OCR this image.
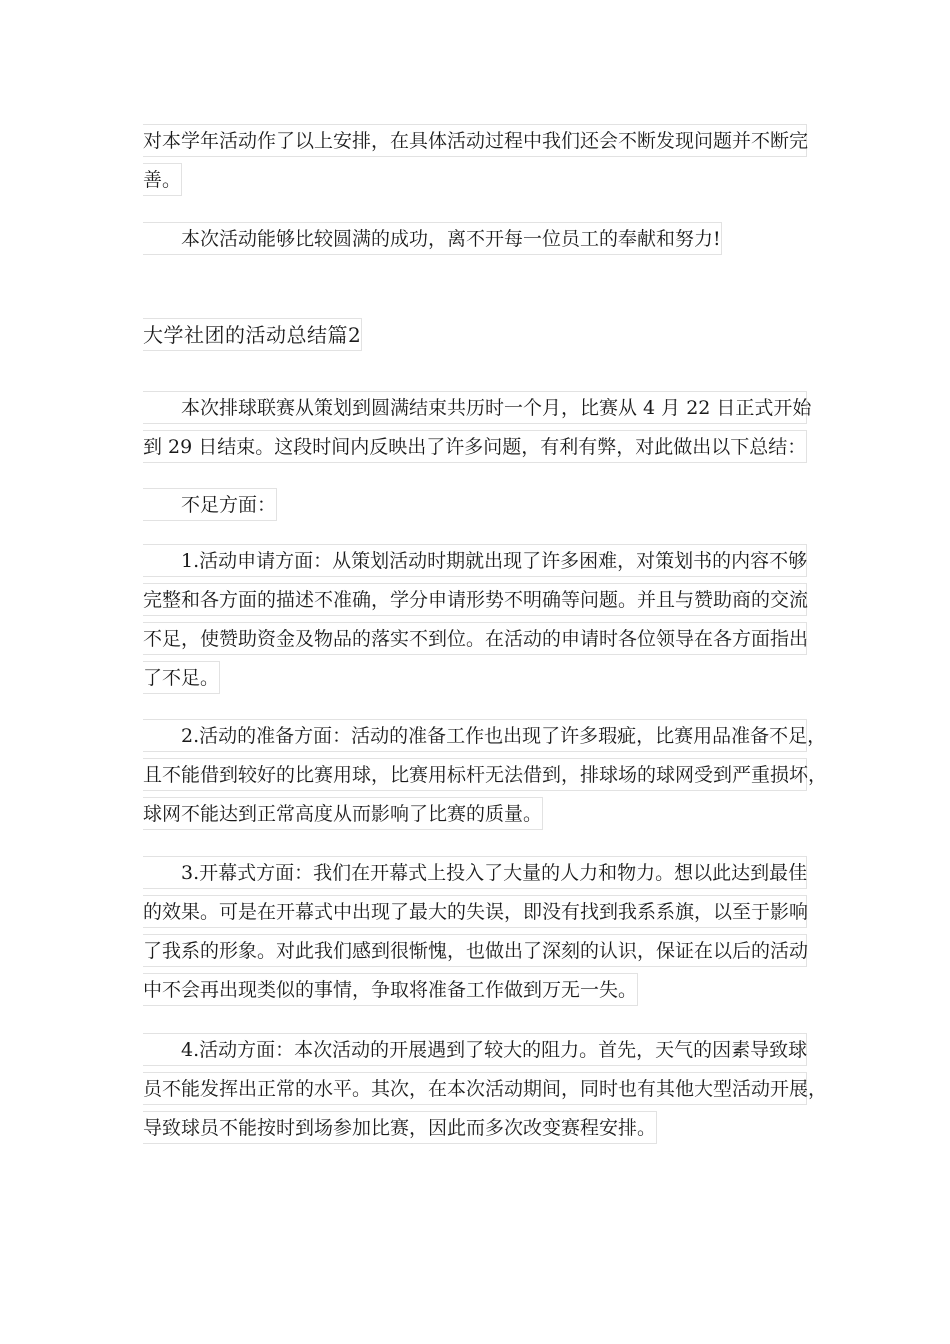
对本学年活动作了以上安排，在具体活动过程中我们还会不断发现问题并不断完
善。
本次活动能够比较圆满的成功，离不开每一位员工的奉献和努力!
大学社团的活动总结篇2
本次排球联赛从策划到圆满结束共历时一个月，比赛从 4 月 22 日正式开始
到 29 日结束。这段时间内反映出了许多问题，有利有弊，对此做出以下总结：
不足方面：
1.活动申请方面：从策划活动时期就出现了许多困难，对策划书的内容不够
完整和各方面的描述不准确，学分申请形势不明确等问题。并且与赞助商的交流
不足，使赞助资金及物品的落实不到位。在活动的申请时各位领导在各方面指出
了不足。
2.活动的准备方面：活动的准备工作也出现了许多瑕疵，比赛用品准备不足，
且不能借到较好的比赛用球，比赛用标杆无法借到，排球场的球网受到严重损坏，
球网不能达到正常高度从而影响了比赛的质量。
3.开幕式方面：我们在开幕式上投入了大量的人力和物力。想以此达到最佳
的效果。可是在开幕式中出现了最大的失误，即没有找到我系系旗，以至于影响
了我系的形象。对此我们感到很惭愧，也做出了深刻的认识，保证在以后的活动
中不会再出现类似的事情，争取将准备工作做到万无一失。
4.活动方面：本次活动的开展遇到了较大的阻力。首先，天气的因素导致球
员不能发挥出正常的水平。其次，在本次活动期间，同时也有其他大型活动开展，
导致球员不能按时到场参加比赛，因此而多次改变赛程安排。
